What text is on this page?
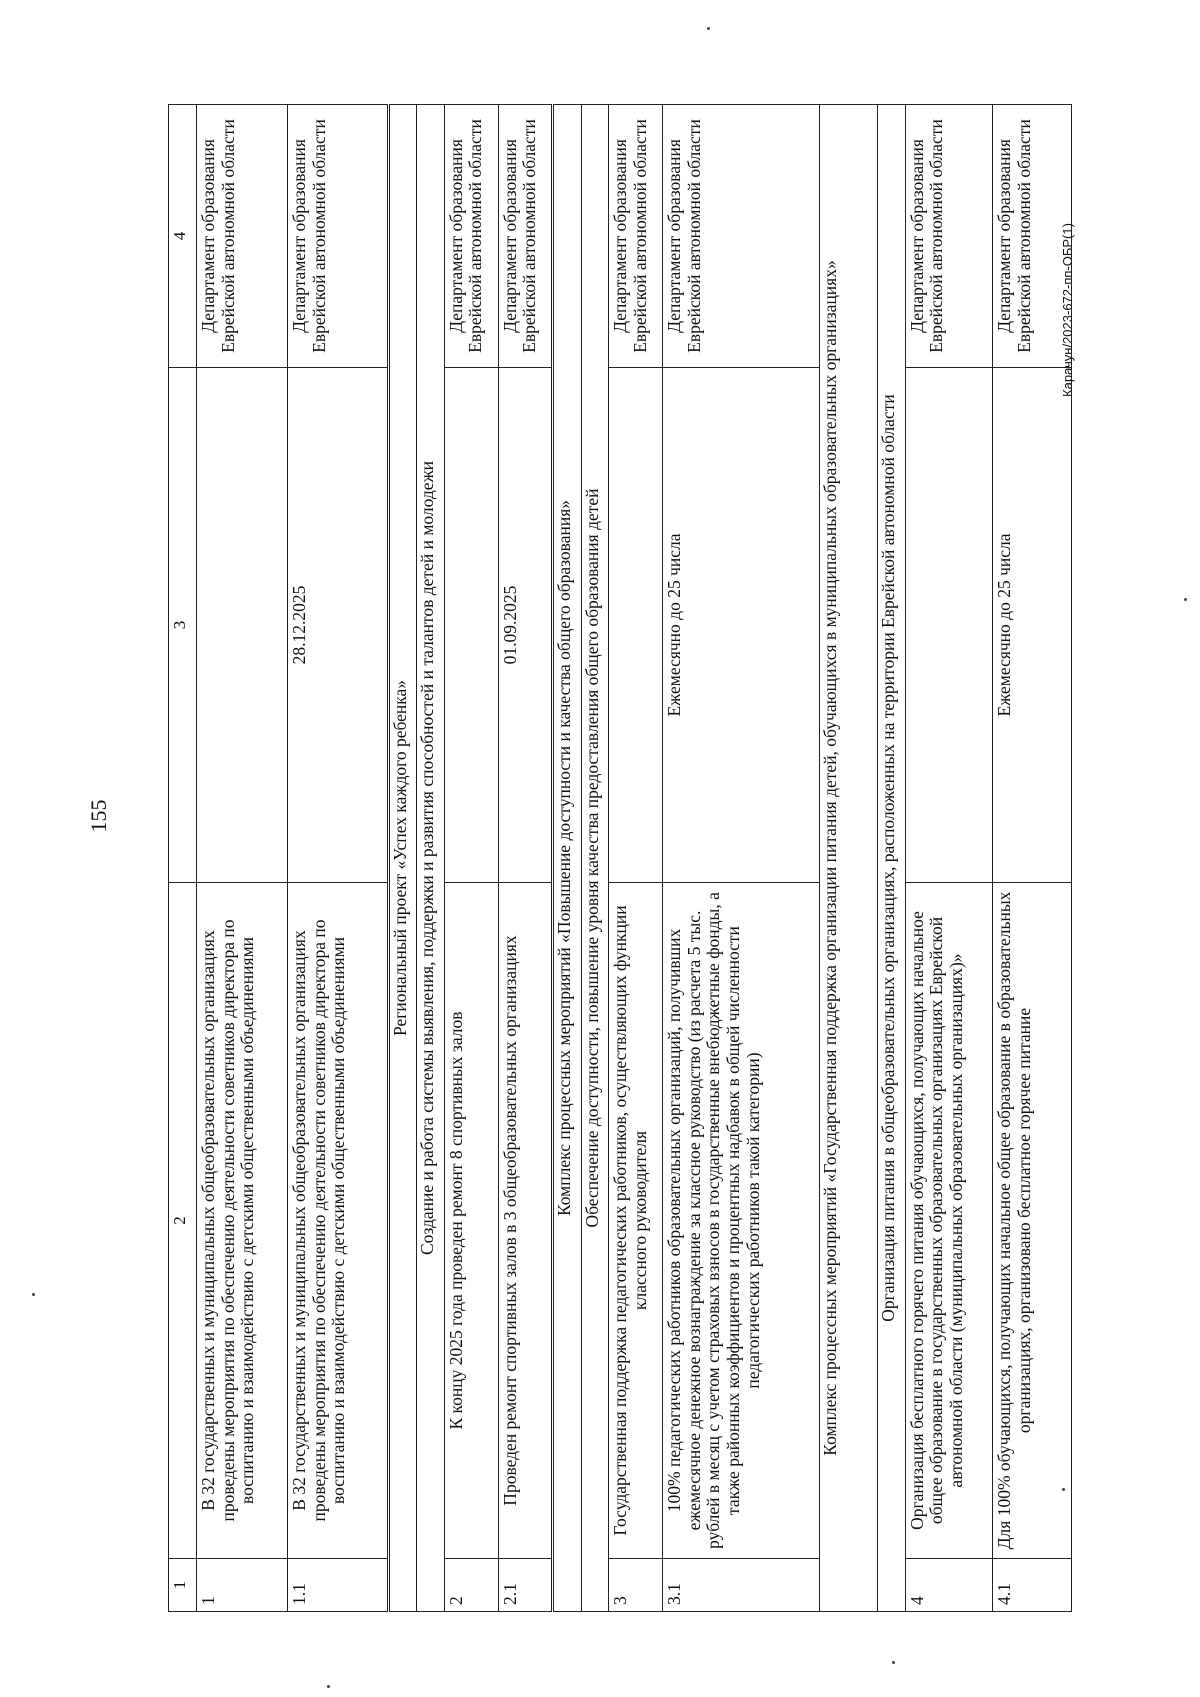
155
Карачун/2023-672-пп-ОБР(1)
1	2	3	4
1	В 32 государственных и муниципальных общеобразовательных организациях проведены мероприятия по обеспечению деятельности советников директора по воспитанию и взаимодействию с детскими общественными объединениями		Департамент образования Еврейской автономной области
1.1	В 32 государственных и муниципальных общеобразовательных организациях проведены мероприятия по обеспечению деятельности советников директора по воспитанию и взаимодействию с детскими общественными объединениями	28.12.2025	Департамент образования Еврейской автономной области
Региональный проект «Успех каждого ребенка»			
Создание и работа системы выявления, поддержки и развития способностей и талантов детей и молодежи			
2	К концу 2025 года проведен ремонт 8 спортивных залов		Департамент образования Еврейской автономной области
2.1	Проведен ремонт спортивных залов в 3 общеобразовательных организациях	01.09.2025	Департамент образования Еврейской автономной области
Комплекс процессных мероприятий «Повышение доступности и качества общего образования»			
Обеспечение доступности, повышение уровня качества предоставления общего образования детей			
3	Государственная поддержка педагогических работников, осуществляющих функции классного руководителя		Департамент образования Еврейской автономной области
3.1	100% педагогических работников образовательных организаций, получивших ежемесячное денежное вознаграждение за классное руководство (из расчета 5 тыс. рублей в месяц с учетом страховых взносов в государственные внебюджетные фонды, а также районных коэффициентов и процентных надбавок в общей численности педагогических работников такой категории)	Ежемесячно до 25 числа	Департамент образования Еврейской автономной области
Комплекс процессных мероприятий «Государственная поддержка организации питания детей, обучающихся в муниципальных образовательных организациях»			
Организация питания в общеобразовательных организациях, расположенных на территории Еврейской автономной области			
4	Организация бесплатного горячего питания обучающихся, получающих начальное общее образование в государственных образовательных организациях Еврейской автономной области (муниципальных образовательных организациях)»		Департамент образования Еврейской автономной области
4.1	Для 100% обучающихся, получающих начальное общее образование в образовательных организациях, организовано бесплатное горячее питание	Ежемесячно до 25 числа	Департамент образования Еврейской автономной области
